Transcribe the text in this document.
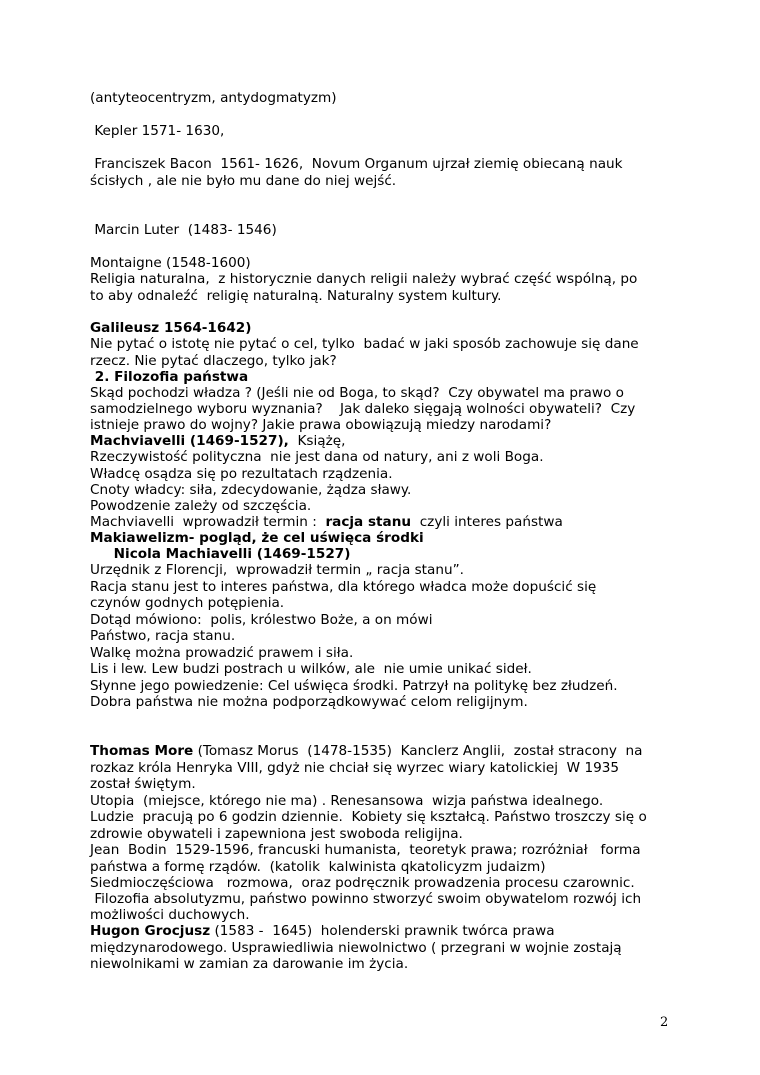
(antyteocentryzm, antydogmatyzm)
Kepler 1571- 1630,
Franciszek Bacon  1561- 1626,  Novum Organum ujrzał ziemię obiecaną nauk
ścisłych , ale nie było mu dane do niej wejść.
Marcin Luter  (1483- 1546)
Montaigne (1548-1600)
Religia naturalna,  z historycznie danych religii należy wybrać część wspólną, po
to aby odnaleźć  religię naturalną. Naturalny system kultury.
Galileusz 1564-1642)
Nie pytać o istotę nie pytać o cel, tylko  badać w jaki sposób zachowuje się dane
rzecz. Nie pytać dlaczego, tylko jak?
2. Filozofia państwa
Skąd pochodzi władza ? (Jeśli nie od Boga, to skąd?  Czy obywatel ma prawo o
samodzielnego wyboru wyznania?    Jak daleko sięgają wolności obywateli?  Czy
istnieje prawo do wojny? Jakie prawa obowiązują miedzy narodami?
Machviavelli (1469-1527),  Książę,
Rzeczywistość polityczna  nie jest dana od natury, ani z woli Boga.
Władcę osądza się po rezultatach rządzenia.
Cnoty władcy: siła, zdecydowanie, żądza sławy.
Powodzenie zależy od szczęścia.
Machviavelli  wprowadził termin :  racja stanu  czyli interes państwa
Makiawelizm- pogląd, że cel uświęca środki
Nicola Machiavelli (1469-1527)
Urzędnik z Florencji,  wprowadził termin „ racja stanu”.
Racja stanu jest to interes państwa, dla którego władca może dopuścić się
czynów godnych potępienia.
Dotąd mówiono:  polis, królestwo Boże, a on mówi
Państwo, racja stanu.
Walkę można prowadzić prawem i siła.
Lis i lew. Lew budzi postrach u wilków, ale  nie umie unikać sideł.
Słynne jego powiedzenie: Cel uświęca środki. Patrzył na politykę bez złudzeń.
Dobra państwa nie można podporządkowywać celom religijnym.
Thomas More (Tomasz Morus  (1478-1535)  Kanclerz Anglii,  został stracony  na
rozkaz króla Henryka VIII, gdyż nie chciał się wyrzec wiary katolickiej  W 1935
został świętym.
Utopia  (miejsce, którego nie ma) . Renesansowa  wizja państwa idealnego.
Ludzie  pracują po 6 godzin dziennie.  Kobiety się kształcą. Państwo troszczy się o
zdrowie obywateli i zapewniona jest swoboda religijna.
Jean  Bodin  1529-1596, francuski humanista,  teoretyk prawa; rozróżniał   forma
państwa a formę rządów.  (katolik  kalwinista qkatolicyzm judaizm)
Siedmioczęściowa   rozmowa,  oraz podręcznik prowadzenia procesu czarownic.
Filozofia absolutyzmu, państwo powinno stworzyć swoim obywatelom rozwój ich
możliwości duchowych.
Hugon Grocjusz (1583 -  1645)  holenderski prawnik twórca prawa
międzynarodowego. Usprawiedliwia niewolnictwo ( przegrani w wojnie zostają
niewolnikami w zamian za darowanie im życia.
2
